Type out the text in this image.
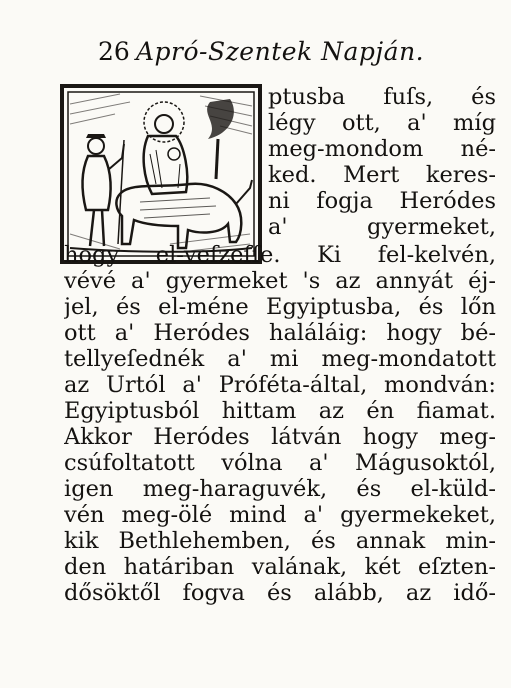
26 Apró-Szentek Napján.
ptusba fuſs, és
légy ott, a' míg
meg-mondom né-
ked. Mert keres-
ni fogja Heródes
a' gyermeket,
hogy el-veſzeſſe. Ki fel-kelvén,
vévé a' gyermeket 's az annyát éj-
jel, és el-méne Egyiptusba, és lőn
ott a' Heródes haláláig: hogy bé-
tellyeſednék a' mi meg-mondatott
az Urtól a' Próféta-által, mondván:
Egyiptusból hittam az én fiamat.
Akkor Heródes látván hogy meg-
csúfoltatott vólna a' Mágusoktól,
igen meg-haraguvék, és el-küld-
vén meg-ölé mind a' gyermekeket,
kik Bethlehemben, és annak min-
den határiban valának, két eſzten-
dősöktől fogva és alább, az idő-
